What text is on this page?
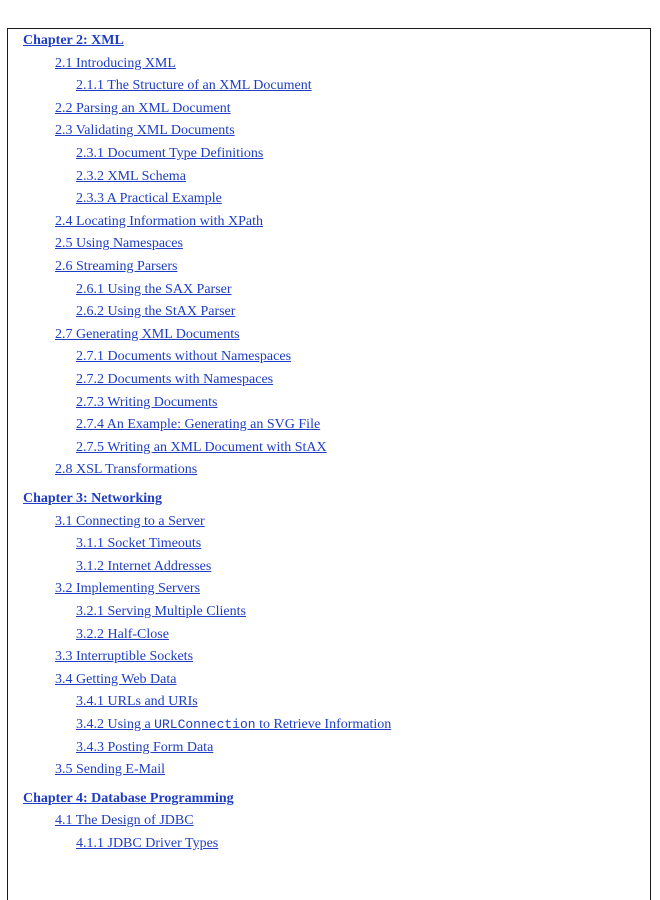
Chapter 2: XML
2.1 Introducing XML
2.1.1 The Structure of an XML Document
2.2 Parsing an XML Document
2.3 Validating XML Documents
2.3.1 Document Type Definitions
2.3.2 XML Schema
2.3.3 A Practical Example
2.4 Locating Information with XPath
2.5 Using Namespaces
2.6 Streaming Parsers
2.6.1 Using the SAX Parser
2.6.2 Using the StAX Parser
2.7 Generating XML Documents
2.7.1 Documents without Namespaces
2.7.2 Documents with Namespaces
2.7.3 Writing Documents
2.7.4 An Example: Generating an SVG File
2.7.5 Writing an XML Document with StAX
2.8 XSL Transformations
Chapter 3: Networking
3.1 Connecting to a Server
3.1.1 Socket Timeouts
3.1.2 Internet Addresses
3.2 Implementing Servers
3.2.1 Serving Multiple Clients
3.2.2 Half-Close
3.3 Interruptible Sockets
3.4 Getting Web Data
3.4.1 URLs and URIs
3.4.2 Using a URLConnection to Retrieve Information
3.4.3 Posting Form Data
3.5 Sending E-Mail
Chapter 4: Database Programming
4.1 The Design of JDBC
4.1.1 JDBC Driver Types
